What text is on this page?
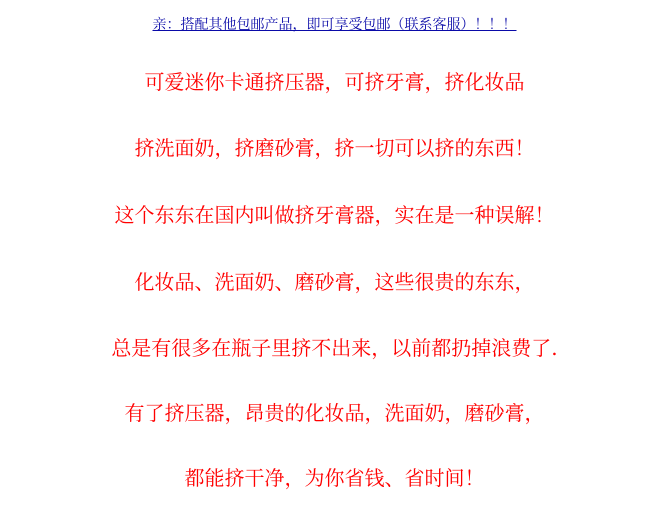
亲：搭配其他包邮产品，即可享受包邮（联系客服）！！！
可爱迷你卡通挤压器，可挤牙膏，挤化妆品
挤洗面奶，挤磨砂膏，挤一切可以挤的东西！
这个东东在国内叫做挤牙膏器，实在是一种误解！
化妆品、洗面奶、磨砂膏，这些很贵的东东，
总是有很多在瓶子里挤不出来，以前都扔掉浪费了.
有了挤压器，昂贵的化妆品，洗面奶，磨砂膏，
都能挤干净，为你省钱、省时间！
